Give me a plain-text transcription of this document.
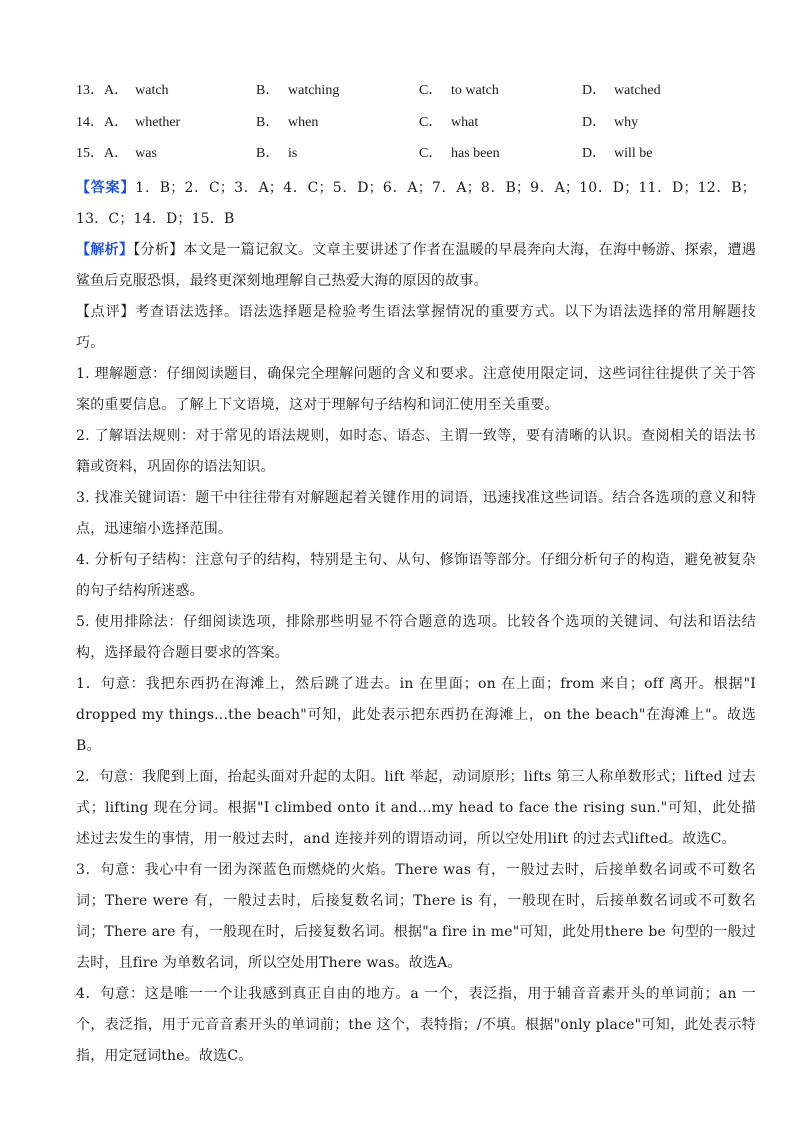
13．A． watch	B． watching	C． to watch	D． watched
14．A． whether	B． when	C． what	D． why
15．A． was	B． is	C． has been	D． will be

【答案】1．B；2．C；3．A；4．C；5．D；6．A；7．A；8．B；9．A；10．D；11．D；12．B；13．C；14．D；15．B

【解析】【分析】本文是一篇记叙文。文章主要讲述了作者在温暖的早晨奔向大海，在海中畅游、探索，遭遇鲨鱼后克服恐惧，最终更深刻地理解自己热爱大海的原因的故事。

【点评】考查语法选择。语法选择题是检验考生语法掌握情况的重要方式。以下为语法选择的常用解题技巧。

1. 理解题意：仔细阅读题目，确保完全理解问题的含义和要求。注意使用限定词，这些词往往提供了关于答案的重要信息。了解上下文语境，这对于理解句子结构和词汇使用至关重要。

2. 了解语法规则：对于常见的语法规则，如时态、语态、主谓一致等，要有清晰的认识。查阅相关的语法书籍或资料，巩固你的语法知识。

3. 找准关键词语：题干中往往带有对解题起着关键作用的词语，迅速找准这些词语。结合各选项的意义和特点，迅速缩小选择范围。

4. 分析句子结构：注意句子的结构，特别是主句、从句、修饰语等部分。仔细分析句子的构造，避免被复杂的句子结构所迷惑。

5. 使用排除法：仔细阅读选项，排除那些明显不符合题意的选项。比较各个选项的关键词、句法和语法结构，选择最符合题目要求的答案。

1．句意：我把东西扔在海滩上，然后跳了进去。in 在里面；on 在上面；from 来自；off 离开。根据"I dropped my things...the beach"可知，此处表示把东西扔在海滩上，on the beach"在海滩上"。故选B。

2．句意：我爬到上面，抬起头面对升起的太阳。lift 举起，动词原形；lifts 第三人称单数形式；lifted 过去式；lifting 现在分词。根据"I climbed onto it and...my head to face the rising sun."可知，此处描述过去发生的事情，用一般过去时，and 连接并列的谓语动词，所以空处用lift 的过去式lifted。故选C。

3．句意：我心中有一团为深蓝色而燃烧的火焰。There was 有，一般过去时，后接单数名词或不可数名词；There were 有，一般过去时，后接复数名词；There is 有，一般现在时，后接单数名词或不可数名词；There are 有，一般现在时，后接复数名词。根据"a fire in me"可知，此处用there be 句型的一般过去时，且fire 为单数名词，所以空处用There was。故选A。

4．句意：这是唯一一个让我感到真正自由的地方。a 一个，表泛指，用于辅音音素开头的单词前；an 一个，表泛指，用于元音音素开头的单词前；the 这个，表特指；/不填。根据"only place"可知，此处表示特指，用定冠词the。故选C。
